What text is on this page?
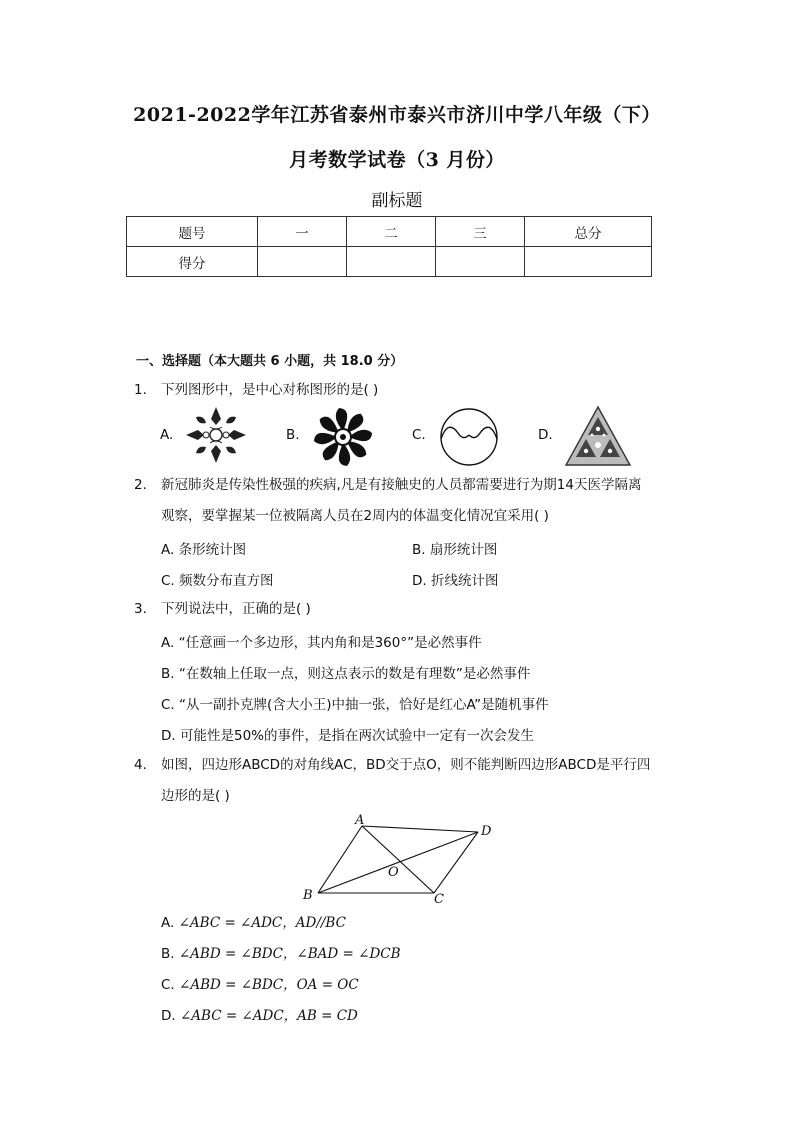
2021-2022学年江苏省泰州市泰兴市济川中学八年级（下）
月考数学试卷（3 月份）
副标题
题号	一	二	三	总分
得分				
一、选择题（本大题共 6 小题，共 18.0 分）
1.	下列图形中，是中心对称图形的是( )
A.	B.	C.	D.
2.	新冠肺炎是传染性极强的疾病,凡是有接触史的人员都需要进行为期14天医学隔离
观察，要掌握某一位被隔离人员在2周内的体温变化情况宜采用( )
A. 条形统计图	B. 扇形统计图
C. 频数分布直方图	D. 折线统计图
3.	下列说法中，正确的是( )
A. “任意画一个多边形，其内角和是360°”是必然事件
B. “在数轴上任取一点，则这点表示的数是有理数”是必然事件
C. “从一副扑克牌(含大小王)中抽一张，恰好是红心A”是随机事件
D. 可能性是50%的事件，是指在两次试验中一定有一次会发生
4.	如图，四边形ABCD的对角线AC，BD交于点O，则不能判断四边形ABCD是平行四
边形的是( )
A
D
B	C
O
A. ∠ABC = ∠ADC，AD//BC
B. ∠ABD = ∠BDC，∠BAD = ∠DCB
C. ∠ABD = ∠BDC，OA = OC
D. ∠ABC = ∠ADC，AB = CD
